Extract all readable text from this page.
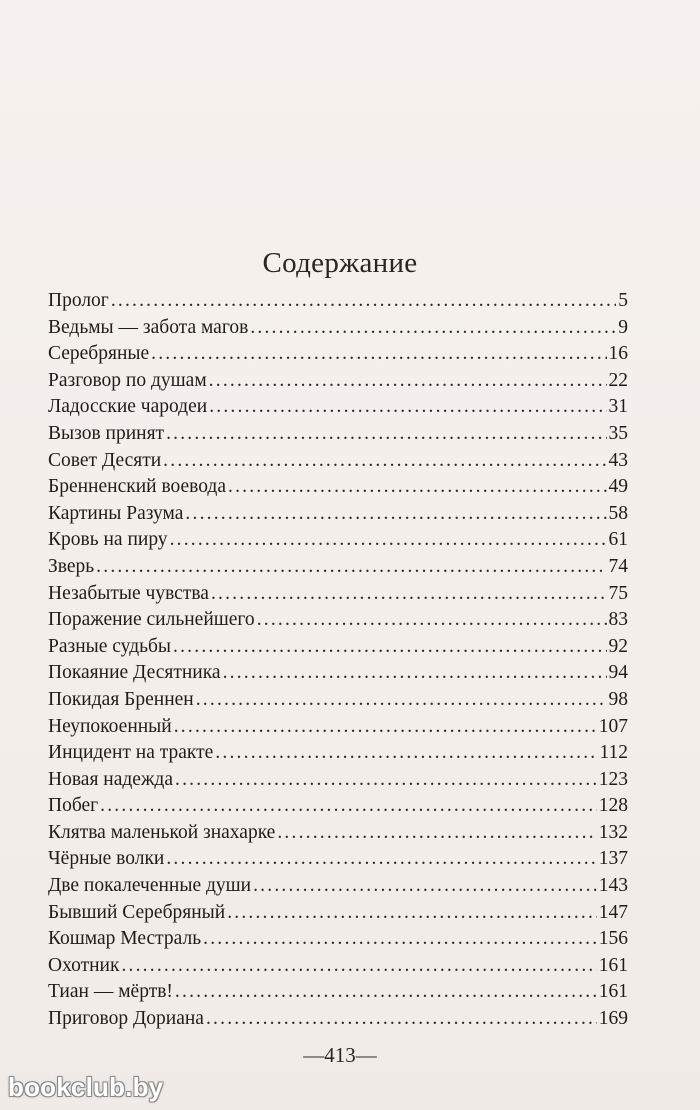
Содержание
Пролог .....	5
Ведьмы — забота магов .....	9
Серебряные .....	16
Разговор по душам .....	22
Ладосские чародеи .....	31
Вызов принят .....	35
Совет Десяти .....	43
Бренненский воевода .....	49
Картины Разума .....	58
Кровь на пиру .....	61
Зверь .....	74
Незабытые чувства .....	75
Поражение сильнейшего .....	83
Разные судьбы .....	92
Покаяние Десятника .....	94
Покидая Бреннен .....	98
Неупокоенный .....	107
Инцидент на тракте .....	112
Новая надежда .....	123
Побег .....	128
Клятва маленькой знахарке .....	132
Чёрные волки .....	137
Две покалеченные души .....	143
Бывший Серебряный .....	147
Кошмар Местраль .....	156
Охотник .....	161
Тиан — мёртв! .....	161
Приговор Дориана .....	169
—413—
bookclub.by
